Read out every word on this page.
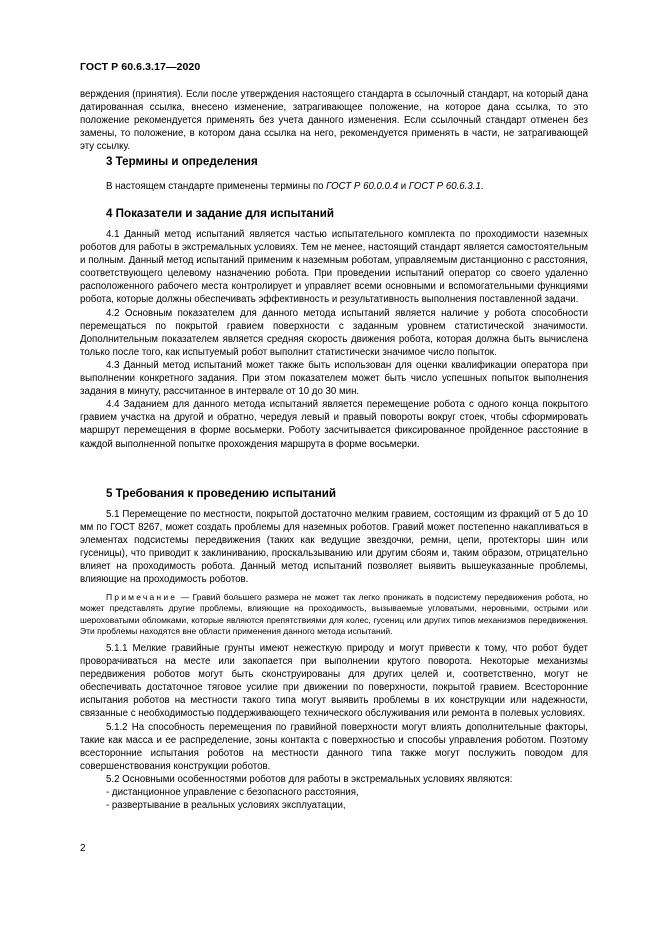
ГОСТ Р 60.6.3.17—2020

верждения (принятия). Если после утверждения настоящего стандарта в ссылочный стандарт, на который дана датированная ссылка, внесено изменение, затрагивающее положение, на которое дана ссылка, то это положение рекомендуется применять без учета данного изменения. Если ссылочный стандарт отменен без замены, то положение, в котором дана ссылка на него, рекомендуется применять в части, не затрагивающей эту ссылку.

3 Термины и определения

В настоящем стандарте применены термины по ГОСТ Р 60.0.0.4 и ГОСТ Р 60.6.3.1.

4 Показатели и задание для испытаний

4.1 Данный метод испытаний является частью испытательного комплекта по проходимости наземных роботов для работы в экстремальных условиях. Тем не менее, настоящий стандарт является самостоятельным и полным. Данный метод испытаний применим к наземным роботам, управляемым дистанционно с расстояния, соответствующего целевому назначению робота. При проведении испытаний оператор со своего удаленно расположенного рабочего места контролирует и управляет всеми основными и вспомогательными функциями робота, которые должны обеспечивать эффективность и результативность выполнения поставленной задачи.

4.2 Основным показателем для данного метода испытаний является наличие у робота способности перемещаться по покрытой гравием поверхности с заданным уровнем статистической значимости. Дополнительным показателем является средняя скорость движения робота, которая должна быть вычислена только после того, как испытуемый робот выполнит статистически значимое число попыток.

4.3 Данный метод испытаний может также быть использован для оценки квалификации оператора при выполнении конкретного задания. При этом показателем может быть число успешных попыток выполнения задания в минуту, рассчитанное в интервале от 10 до 30 мин.

4.4 Заданием для данного метода испытаний является перемещение робота с одного конца покрытого гравием участка на другой и обратно, чередуя левый и правый повороты вокруг стоек, чтобы сформировать маршрут перемещения в форме восьмерки. Роботу засчитывается фиксированное пройденное расстояние в каждой выполненной попытке прохождения маршрута в форме восьмерки.

5 Требования к проведению испытаний

5.1 Перемещение по местности, покрытой достаточно мелким гравием, состоящим из фракций от 5 до 10 мм по ГОСТ 8267, может создать проблемы для наземных роботов. Гравий может постепенно накапливаться в элементах подсистемы передвижения (таких как ведущие звездочки, ремни, цепи, протекторы шин или гусеницы), что приводит к заклиниванию, проскальзыванию или другим сбоям и, таким образом, отрицательно влияет на проходимость робота. Данный метод испытаний позволяет выявить вышеуказанные проблемы, влияющие на проходимость роботов.

Примечание — Гравий большего размера не может так легко проникать в подсистему передвижения робота, но может представлять другие проблемы, влияющие на проходимость, вызываемые угловатыми, неровными, острыми или шероховатыми обломками, которые являются препятствиями для колес, гусениц или других типов механизмов передвижения. Эти проблемы находятся вне области применения данного метода испытаний.

5.1.1 Мелкие гравийные грунты имеют нежесткую природу и могут привести к тому, что робот будет проворачиваться на месте или закопается при выполнении крутого поворота. Некоторые механизмы передвижения роботов могут быть сконструированы для других целей и, соответственно, могут не обеспечивать достаточное тяговое усилие при движении по поверхности, покрытой гравием. Всесторонние испытания роботов на местности такого типа могут выявить проблемы в их конструкции или надежности, связанные с необходимостью поддерживающего технического обслуживания или ремонта в полевых условиях.

5.1.2 На способность перемещения по гравийной поверхности могут влиять дополнительные факторы, такие как масса и ее распределение, зоны контакта с поверхностью и способы управления роботом. Поэтому всесторонние испытания роботов на местности данного типа также могут послужить поводом для совершенствования конструкции роботов.

5.2 Основными особенностями роботов для работы в экстремальных условиях являются:

- дистанционное управление с безопасного расстояния,
- развертывание в реальных условиях эксплуатации,
2
